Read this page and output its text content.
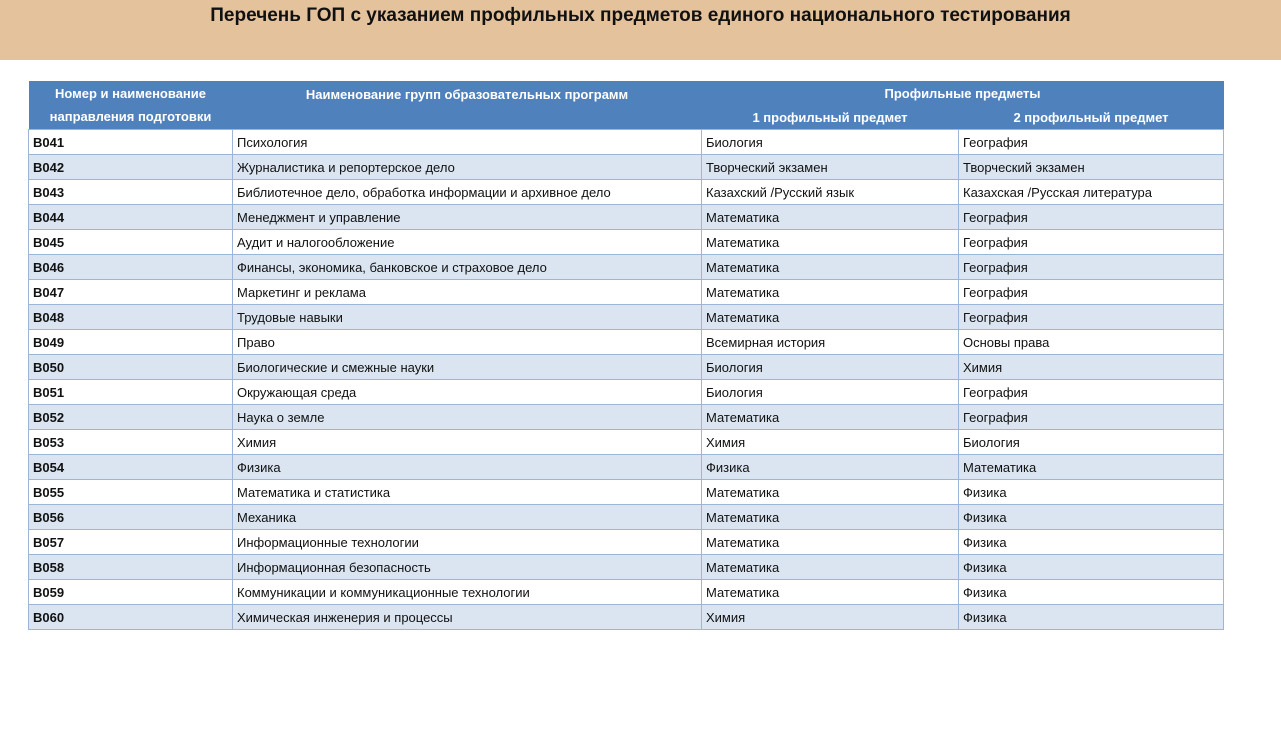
Перечень ГОП с указанием профильных предметов единого национального тестирования
Номер и наименование
направления подготовки	Наименование групп образовательных программ	Профильные предметы	
		1 профильный предмет	2 профильный предмет
B041	Психология	Биология	География
B042	Журналистика и репортерское дело	Творческий экзамен	Творческий экзамен
B043	Библиотечное дело, обработка информации и архивное дело	Казахский /Русский язык	Казахская /Русская литература
B044	Менеджмент и управление	Математика	География
B045	Аудит и налогообложение	Математика	География
B046	Финансы, экономика, банковское и страховое дело	Математика	География
B047	Маркетинг и реклама	Математика	География
B048	Трудовые навыки	Математика	География
B049	Право	Всемирная история	Основы права
B050	Биологические и смежные науки	Биология	Химия
B051	Окружающая среда	Биология	География
B052	Наука о земле	Математика	География
B053	Химия	Химия	Биология
B054	Физика	Физика	Математика
B055	Математика и статистика	Математика	Физика
B056	Механика	Математика	Физика
B057	Информационные технологии	Математика	Физика
B058	Информационная безопасность	Математика	Физика
B059	Коммуникации и коммуникационные технологии	Математика	Физика
B060	Химическая инженерия и процессы	Химия	Физика
